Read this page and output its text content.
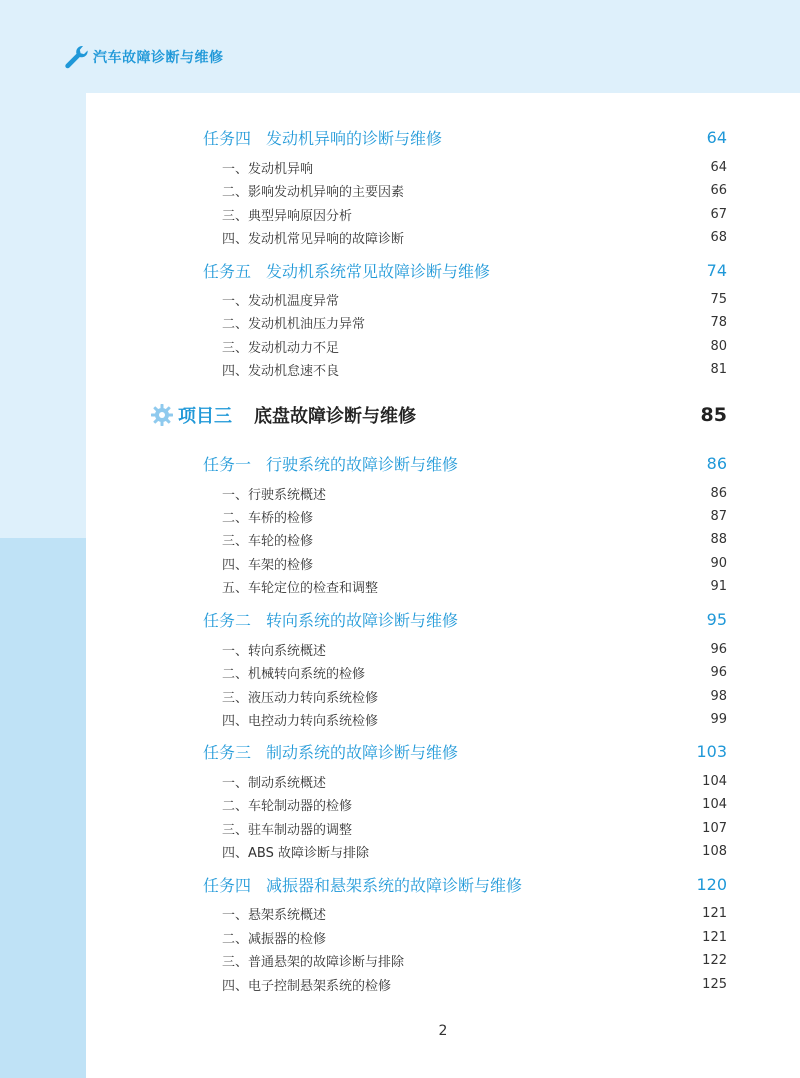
汽车故障诊断与维修
任务四 发动机异响的诊断与维修	64
一、发动机异响	64
二、影响发动机异响的主要因素	66
三、典型异响原因分析	67
四、发动机常见异响的故障诊断	68
任务五 发动机系统常见故障诊断与维修	74
一、发动机温度异常	75
二、发动机机油压力异常	78
三、发动机动力不足	80
四、发动机怠速不良	81
项目三	底盘故障诊断与维修	85
任务一 行驶系统的故障诊断与维修	86
一、行驶系统概述	86
二、车桥的检修	87
三、车轮的检修	88
四、车架的检修	90
五、车轮定位的检查和调整	91
任务二 转向系统的故障诊断与维修	95
一、转向系统概述	96
二、机械转向系统的检修	96
三、液压动力转向系统检修	98
四、电控动力转向系统检修	99
任务三 制动系统的故障诊断与维修	103
一、制动系统概述	104
二、车轮制动器的检修	104
三、驻车制动器的调整	107
四、ABS 故障诊断与排除	108
任务四 减振器和悬架系统的故障诊断与维修	120
一、悬架系统概述	121
二、减振器的检修	121
三、普通悬架的故障诊断与排除	122
四、电子控制悬架系统的检修	125
2
